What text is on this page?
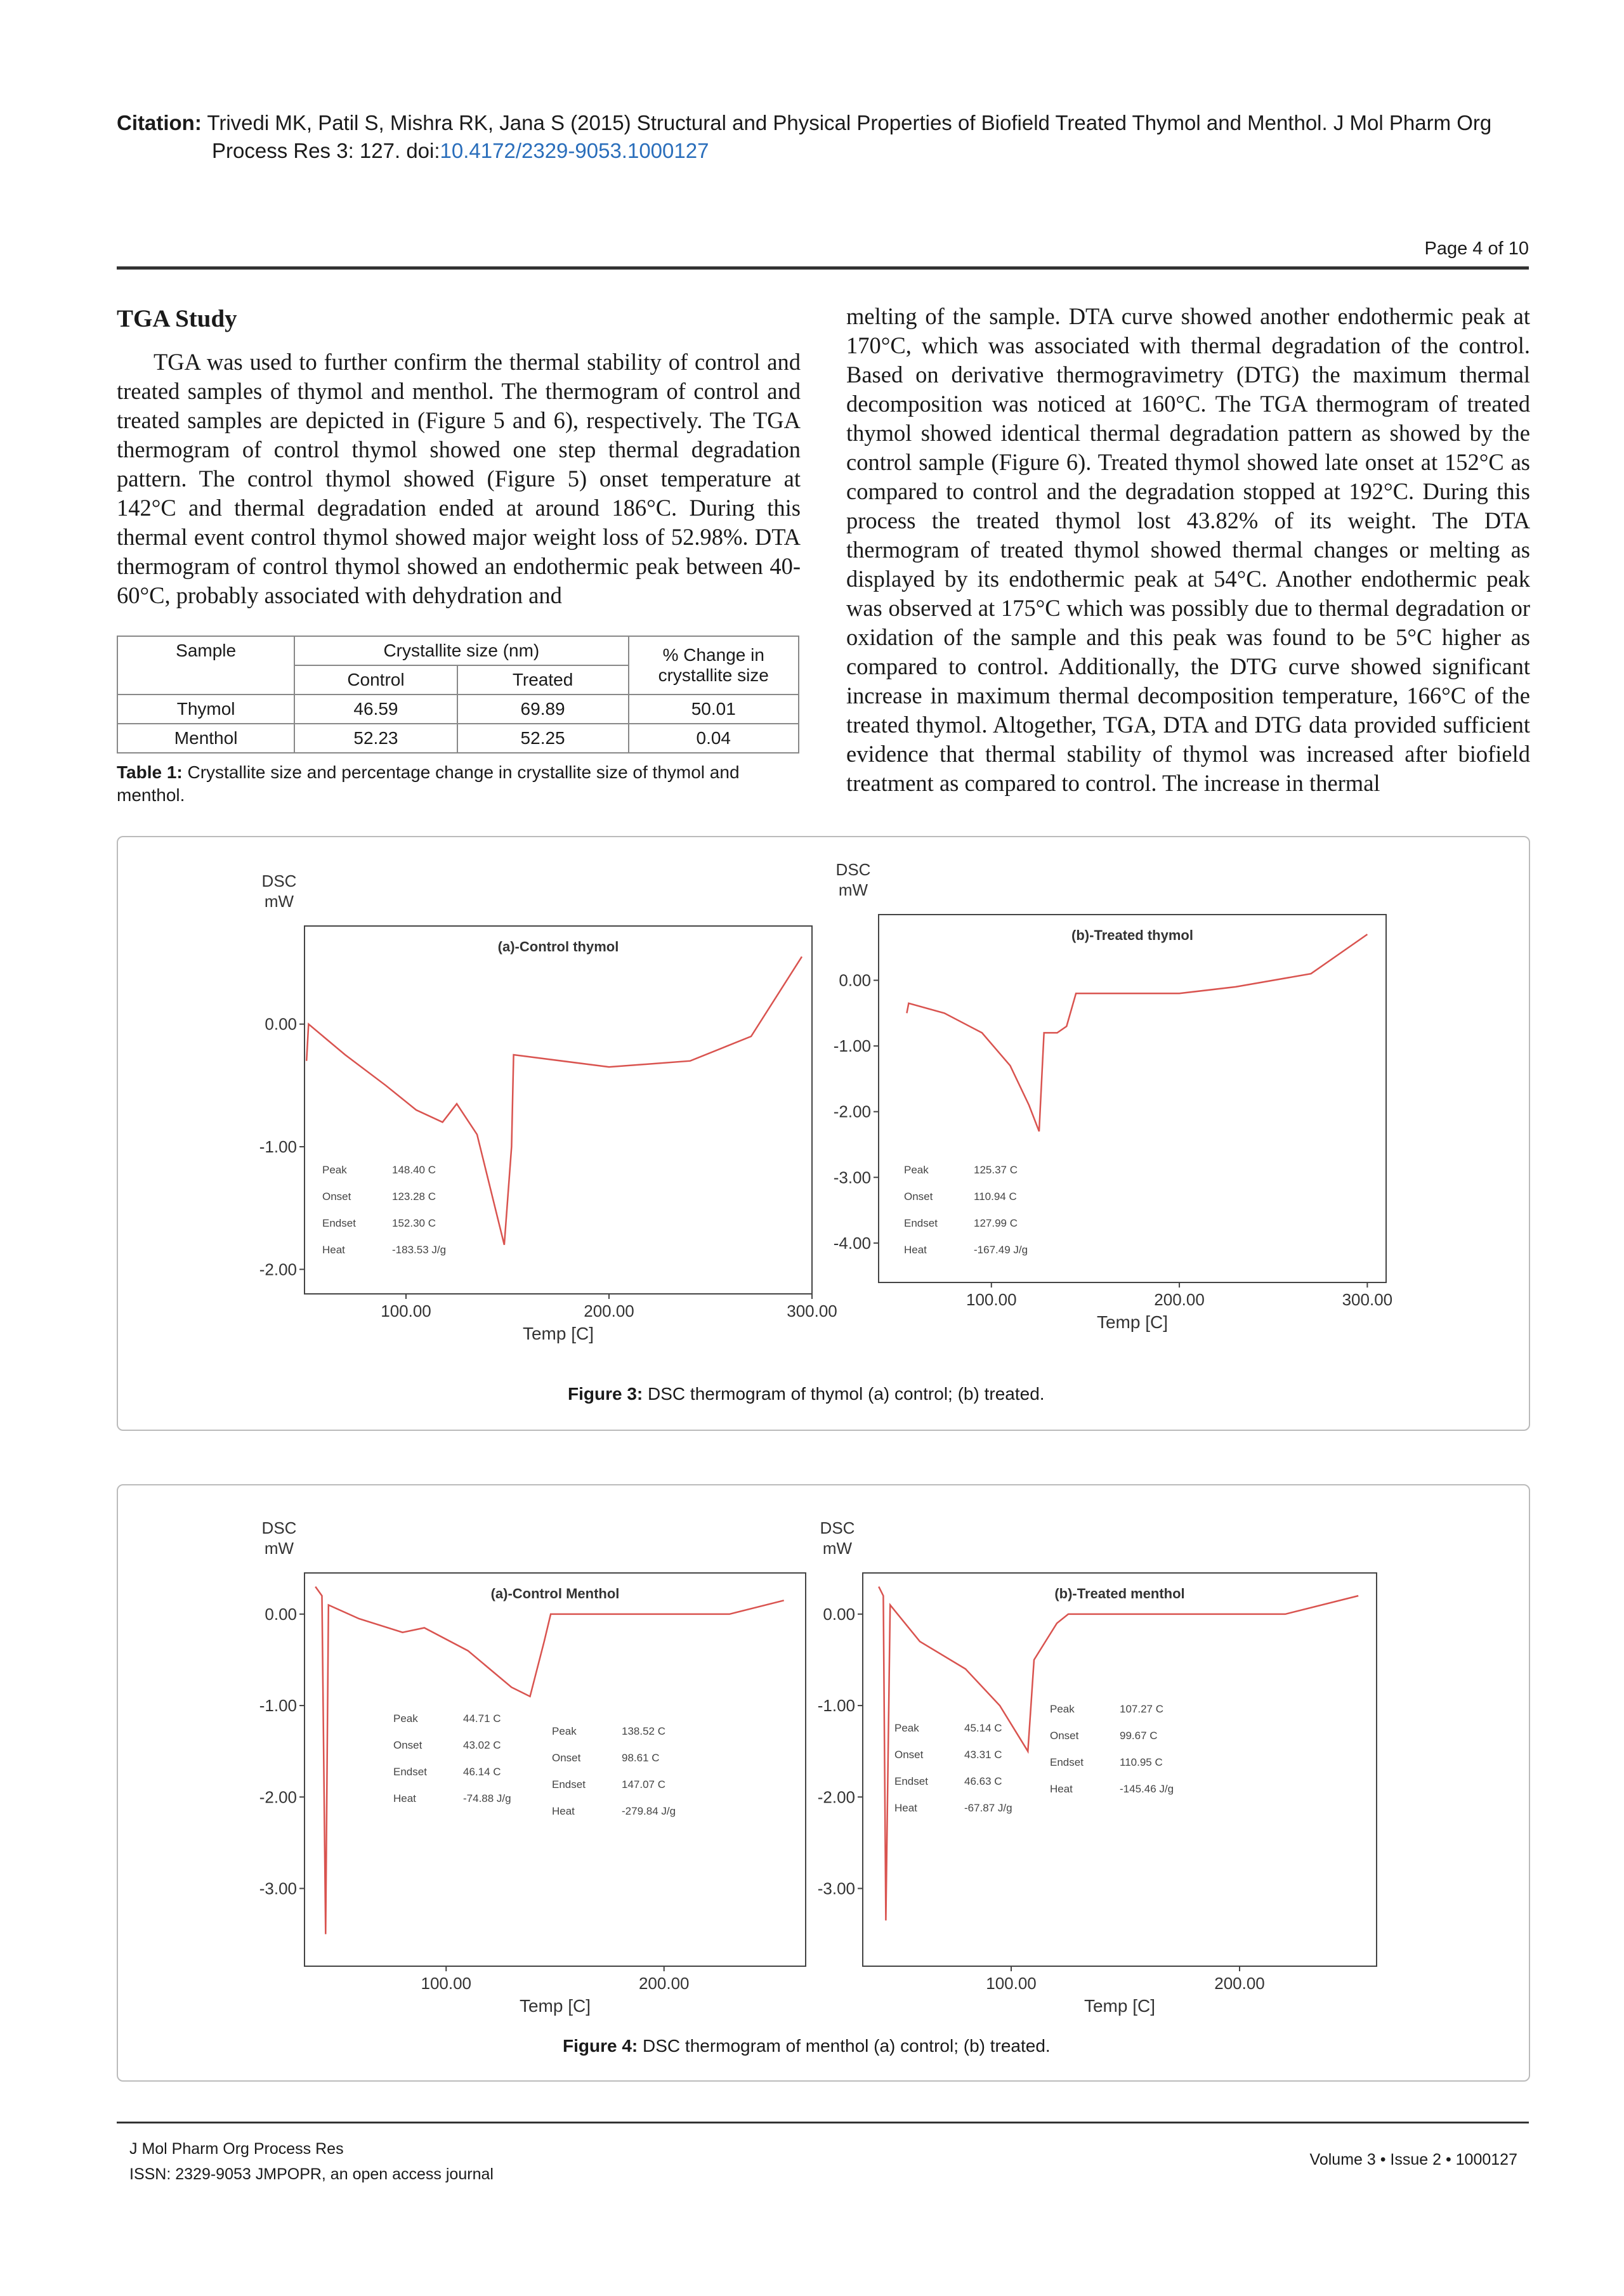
Citation: Trivedi MK, Patil S, Mishra RK, Jana S (2015) Structural and Physical Properties of Biofield Treated Thymol and Menthol. J Mol Pharm Org
Process Res 3: 127. doi:10.4172/2329-9053.1000127
Page 4 of 10
TGA Study

TGA was used to further confirm the thermal stability of control and treated samples of thymol and menthol. The thermogram of control and treated samples are depicted in (Figure 5 and 6), respectively. The TGA thermogram of control thymol showed one step thermal degradation pattern. The control thymol showed (Figure 5) onset temperature at 142°C and thermal degradation ended at around 186°C. During this thermal event control thymol showed major weight loss of 52.98%. DTA thermogram of control thymol showed an endothermic peak between 40-60°C, probably associated with dehydration and

melting of the sample. DTA curve showed another endothermic peak at 170°C, which was associated with thermal degradation of the control. Based on derivative thermogravimetry (DTG) the maximum thermal decomposition was noticed at 160°C. The TGA thermogram of treated thymol showed identical thermal degradation pattern as showed by the control sample (Figure 6). Treated thymol showed late onset at 152°C as compared to control and the degradation stopped at 192°C. During this process the treated thymol lost 43.82% of its weight. The DTA thermogram of treated thymol showed thermal changes or melting as displayed by its endothermic peak at 54°C. Another endothermic peak was observed at 175°C which was possibly due to thermal degradation or oxidation of the sample and this peak was found to be 5°C higher as compared to control. Additionally, the DTG curve showed significant increase in maximum thermal decomposition temperature, 166°C of the treated thymol. Altogether, TGA, DTA and DTG data provided sufficient evidence that thermal stability of thymol was increased after biofield treatment as compared to control. The increase in thermal

Sample	Crystallite size (nm)		% Change in crystallite size
	Control	Treated	
Thymol	46.59	69.89	50.01
Menthol	52.23	52.25	0.04
Table 1: Crystallite size and percentage change in crystallite size of thymol and menthol.
DSC
mW
(a)-Control thymol
0.00
-1.00
-2.00
100.00	200.00	300.00
Temp [C]
Peak	148.40 C
Onset	123.28 C
Endset	152.30 C
Heat	-183.53 J/g
DSC
mW
(b)-Treated thymol
0.00
-1.00
-2.00
-3.00
-4.00
100.00	200.00	300.00
Temp [C]
Peak	125.37 C
Onset	110.94 C
Endset	127.99 C
Heat	-167.49 J/g
Figure 3: DSC thermogram of thymol (a) control; (b) treated.
DSC
mW
(a)-Control Menthol
0.00
-1.00
-2.00
-3.00
100.00	200.00
Temp [C]
Peak	44.71 C
Onset	43.02 C
Endset	46.14 C
Heat	-74.88 J/g
Peak	138.52 C
Onset	98.61 C
Endset	147.07 C
Heat	-279.84 J/g
DSC
mW
(b)-Treated menthol
0.00
-1.00
-2.00
-3.00
100.00	200.00
Temp [C]
Peak	45.14 C
Onset	43.31 C
Endset	46.63 C
Heat	-67.87 J/g
Peak	107.27 C
Onset	99.67 C
Endset	110.95 C
Heat	-145.46 J/g
Figure 4: DSC thermogram of menthol (a) control; (b) treated.
J Mol Pharm Org Process Res
ISSN: 2329-9053 JMPOPR, an open access journal
Volume 3 • Issue 2 • 1000127
